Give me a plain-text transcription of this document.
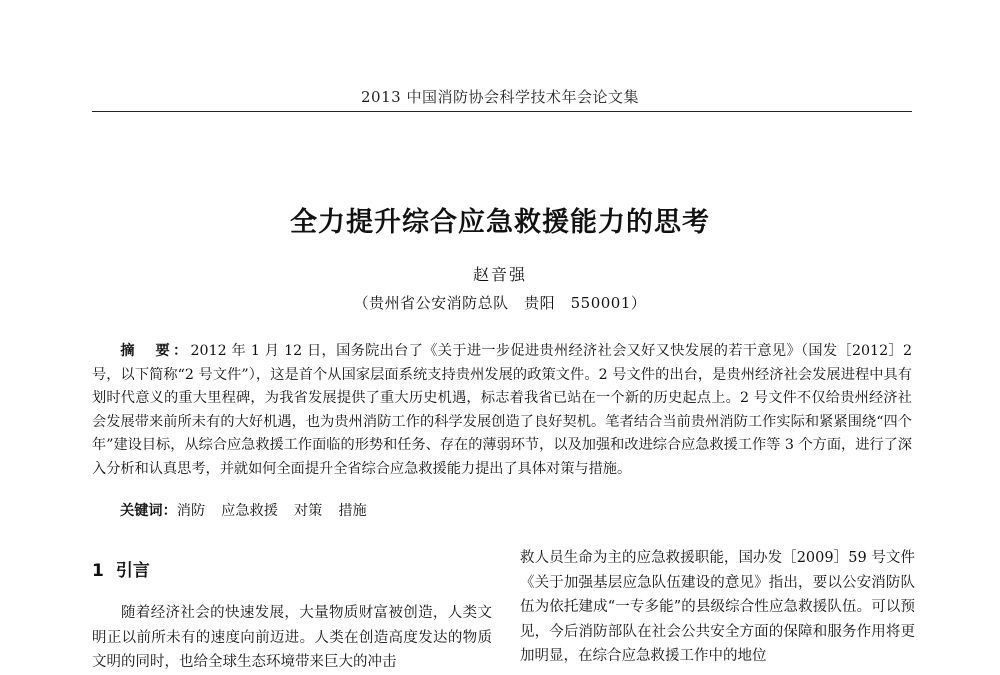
2013 中国消防协会科学技术年会论文集
全力提升综合应急救援能力的思考
赵音强
（贵州省公安消防总队　贵阳　550001）

摘　要：2012 年 1 月 12 日，国务院出台了《关于进一步促进贵州经济社会又好又快发展的若干意见》（国发［2012］2 号，以下简称“2 号文件”），这是首个从国家层面系统支持贵州发展的政策文件。2 号文件的出台，是贵州经济社会发展进程中具有划时代意义的重大里程碑，为我省发展提供了重大历史机遇，标志着我省已站在一个新的历史起点上。2 号文件不仅给贵州经济社会发展带来前所未有的大好机遇，也为贵州消防工作的科学发展创造了良好契机。笔者结合当前贵州消防工作实际和紧紧围绕“四个年”建设目标，从综合应急救援工作面临的形势和任务、存在的薄弱环节，以及加强和改进综合应急救援工作等 3 个方面，进行了深入分析和认真思考，并就如何全面提升全省综合应急救援能力提出了具体对策与措施。

关键词：消防 应急救援 对策 措施

1 引言

随着经济社会的快速发展，大量物质财富被创造，人类文明正以前所未有的速度向前迈进。人类在创造高度发达的物质文明的同时，也给全球生态环境带来巨大的冲击

救人员生命为主的应急救援职能，国办发［2009］59 号文件《关于加强基层应急队伍建设的意见》指出，要以公安消防队伍为依托建成“一专多能”的县级综合性应急救援队伍。可以预见，今后消防部队在社会公共安全方面的保障和服务作用将更加明显，在综合应急救援工作中的地位
